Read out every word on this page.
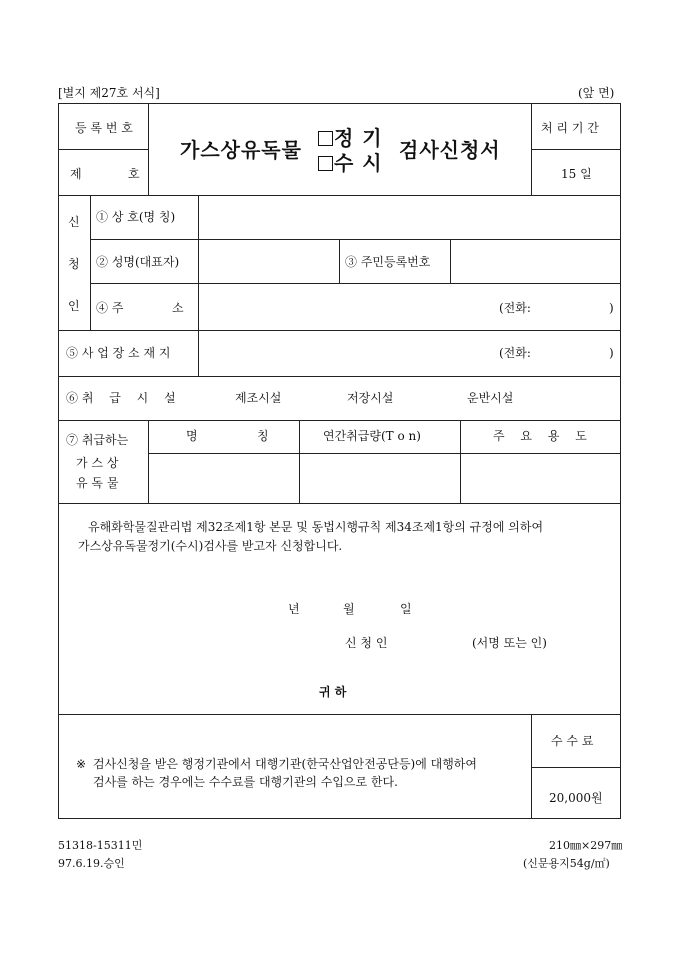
[별지 제27호 서식]	(앞 면)
등 록 번 호
제	호
가스상유독물	정 기
수 시
검사신청서
처 리 기 간
15 일
신
청
인
① 상 호(명 칭)
② 성명(대표자)	③ 주민등록번호
④ 주	소	(전화:	)
⑤ 사 업 장 소 재 지	(전화:	)
⑥ 취　 급　 시　 설	제조시설	저장시설	운반시설
⑦ 취급하는
가 스 상
유 독 물
명	칭	연간취급량(T o n)	주　 요　 용　 도
유해화학물질관리법 제32조제1항 본문 및 동법시행규칙 제34조제1항의 규정에 의하여
가스상유독물정기(수시)검사를 받고자 신청합니다.
년	월	일
신 청 인	(서명 또는 인)
귀 하
※ 검사신청을 받은 행정기관에서 대행기관(한국산업안전공단등)에 대행하여
검사를 하는 경우에는 수수료를 대행기관의 수입으로 한다.
수 수 료
20,000원
51318-15311민
97.6.19.승인
210㎜×297㎜
(신문용지54g/㎡)
